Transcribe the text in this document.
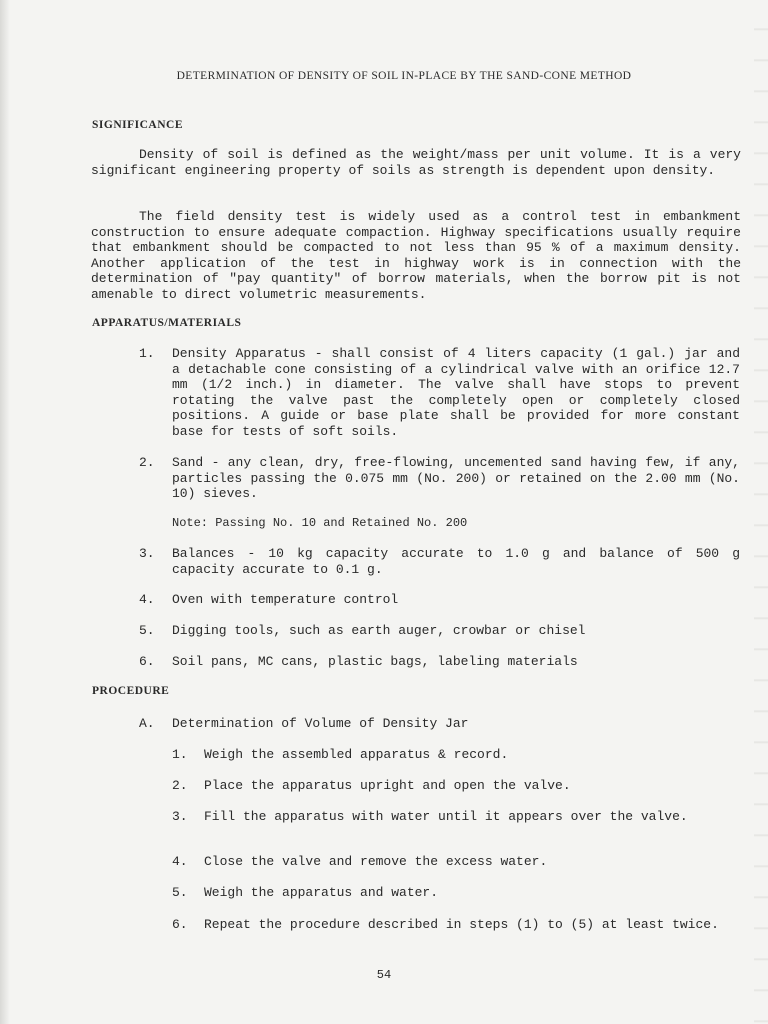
DETERMINATION OF DENSITY OF SOIL IN-PLACE BY THE SAND-CONE METHOD
SIGNIFICANCE
Density of soil is defined as the weight/mass per unit volume. It is a very significant engineering property of soils as strength is dependent upon density.
The field density test is widely used as a control test in embankment construction to ensure adequate compaction. Highway specifications usually require that embankment should be compacted to not less than 95 % of a maximum density. Another application of the test in highway work is in connection with the determination of "pay quantity" of borrow materials, when the borrow pit is not amenable to direct volumetric measurements.
APPARATUS/MATERIALS
1. Density Apparatus - shall consist of 4 liters capacity (1 gal.) jar and a detachable cone consisting of a cylindrical valve with an orifice 12.7 mm (1/2 inch.) in diameter. The valve shall have stops to prevent rotating the valve past the completely open or completely closed positions. A guide or base plate shall be provided for more constant base for tests of soft soils.
2. Sand - any clean, dry, free-flowing, uncemented sand having few, if any, particles passing the 0.075 mm (No. 200) or retained on the 2.00 mm (No. 10) sieves.
Note: Passing No. 10 and Retained No. 200
3. Balances - 10 kg capacity accurate to 1.0 g and balance of 500 g capacity accurate to 0.1 g.
4. Oven with temperature control
5. Digging tools, such as earth auger, crowbar or chisel
6. Soil pans, MC cans, plastic bags, labeling materials
PROCEDURE
A. Determination of Volume of Density Jar
1. Weigh the assembled apparatus & record.
2. Place the apparatus upright and open the valve.
3. Fill the apparatus with water until it appears over the valve.
4. Close the valve and remove the excess water.
5. Weigh the apparatus and water.
6. Repeat the procedure described in steps (1) to (5) at least twice.
54
